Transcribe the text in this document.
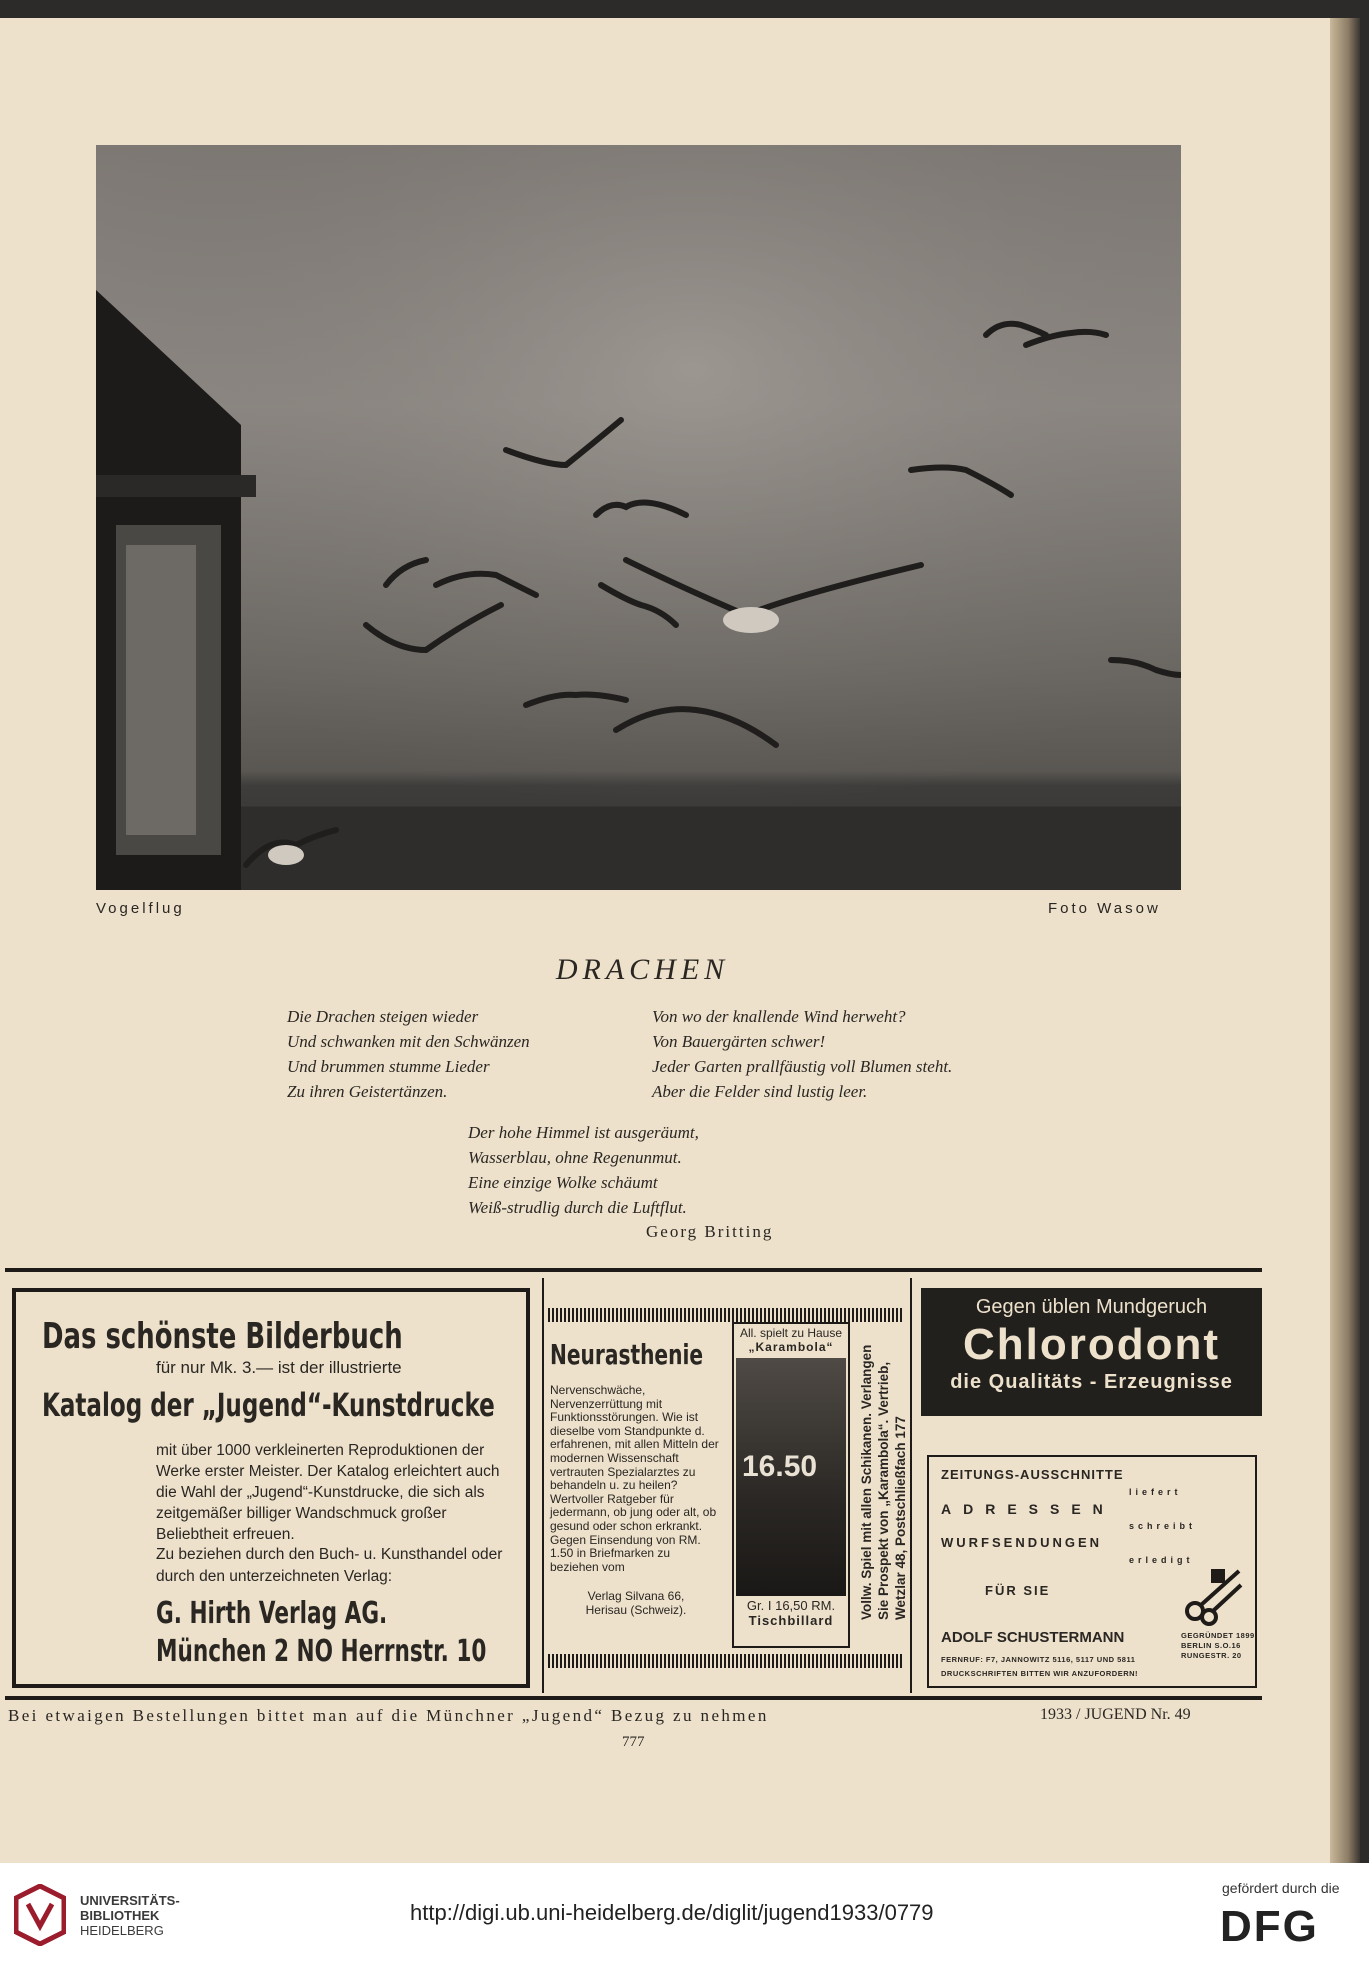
Vogelflug	Foto Wasow
DRACHEN
Die Drachen steigen wieder
Und schwanken mit den Schwänzen
Und brummen stumme Lieder
Zu ihren Geistertänzen.
Von wo der knallende Wind herweht?
Von Bauergärten schwer!
Jeder Garten prallfäustig voll Blumen steht.
Aber die Felder sind lustig leer.
Der hohe Himmel ist ausgeräumt,
Wasserblau, ohne Regenunmut.
Eine einzige Wolke schäumt
Weiß-strudlig durch die Luftflut.
Georg Britting
Das schönste Bilderbuch
für nur Mk. 3.— ist der illustrierte
Katalog der „Jugend“-Kunstdrucke
mit über 1000 verkleinerten Reproduktionen der Werke erster Meister. Der Katalog erleichtert auch die Wahl der „Jugend“-Kunstdrucke, die sich als zeitgemäßer billiger Wandschmuck großer Beliebtheit erfreuen.
Zu beziehen durch den Buch- u. Kunsthandel oder durch den unterzeichneten Verlag:
G. Hirth Verlag AG.
München 2 NO Herrnstr. 10
Neurasthenie
Nervenschwäche, Nervenzerrüttung mit Funktionsstörungen. Wie ist dieselbe vom Standpunkte d. erfahrenen, mit allen Mitteln der modernen Wissenschaft vertrauten Spezialarztes zu behandeln u. zu heilen? Wertvoller Ratgeber für jedermann, ob jung oder alt, ob gesund oder schon erkrankt. Gegen Einsendung von RM. 1.50 in Briefmarken zu beziehen vom
Verlag Silvana 66,
Herisau (Schweiz).
All. spielt zu Hause
„Karambola“
16.50
Gr. I 16,50 RM.
Tischbillard
Vollw. Spiel mit allen Schikanen. Verlangen Sie Prospekt von „Karambola“. Vertrieb, Wetzlar 48, Postschließfach 177
Gegen üblen Mundgeruch
Chlorodont
die Qualitäts - Erzeugnisse
ZEITUNGS-AUSSCHNITTE
liefert
ADRESSEN
schreibt
WURFSENDUNGEN
erledigt
FÜR SIE
ADOLF SCHUSTERMANN
FERNRUF: F7, JANNOWITZ 5116, 5117 UND 5811
DRUCKSCHRIFTEN BITTEN WIR ANZUFORDERN!
GEGRÜNDET 1899
BERLIN S.O.16
RUNGESTR. 20
Bei etwaigen Bestellungen bittet man auf die Münchner „Jugend“ Bezug zu nehmen	1933 / JUGEND Nr. 49
777
UNIVERSITÄTS-
BIBLIOTHEK
HEIDELBERG
http://digi.ub.uni-heidelberg.de/diglit/jugend1933/0779
gefördert durch die
DFG
